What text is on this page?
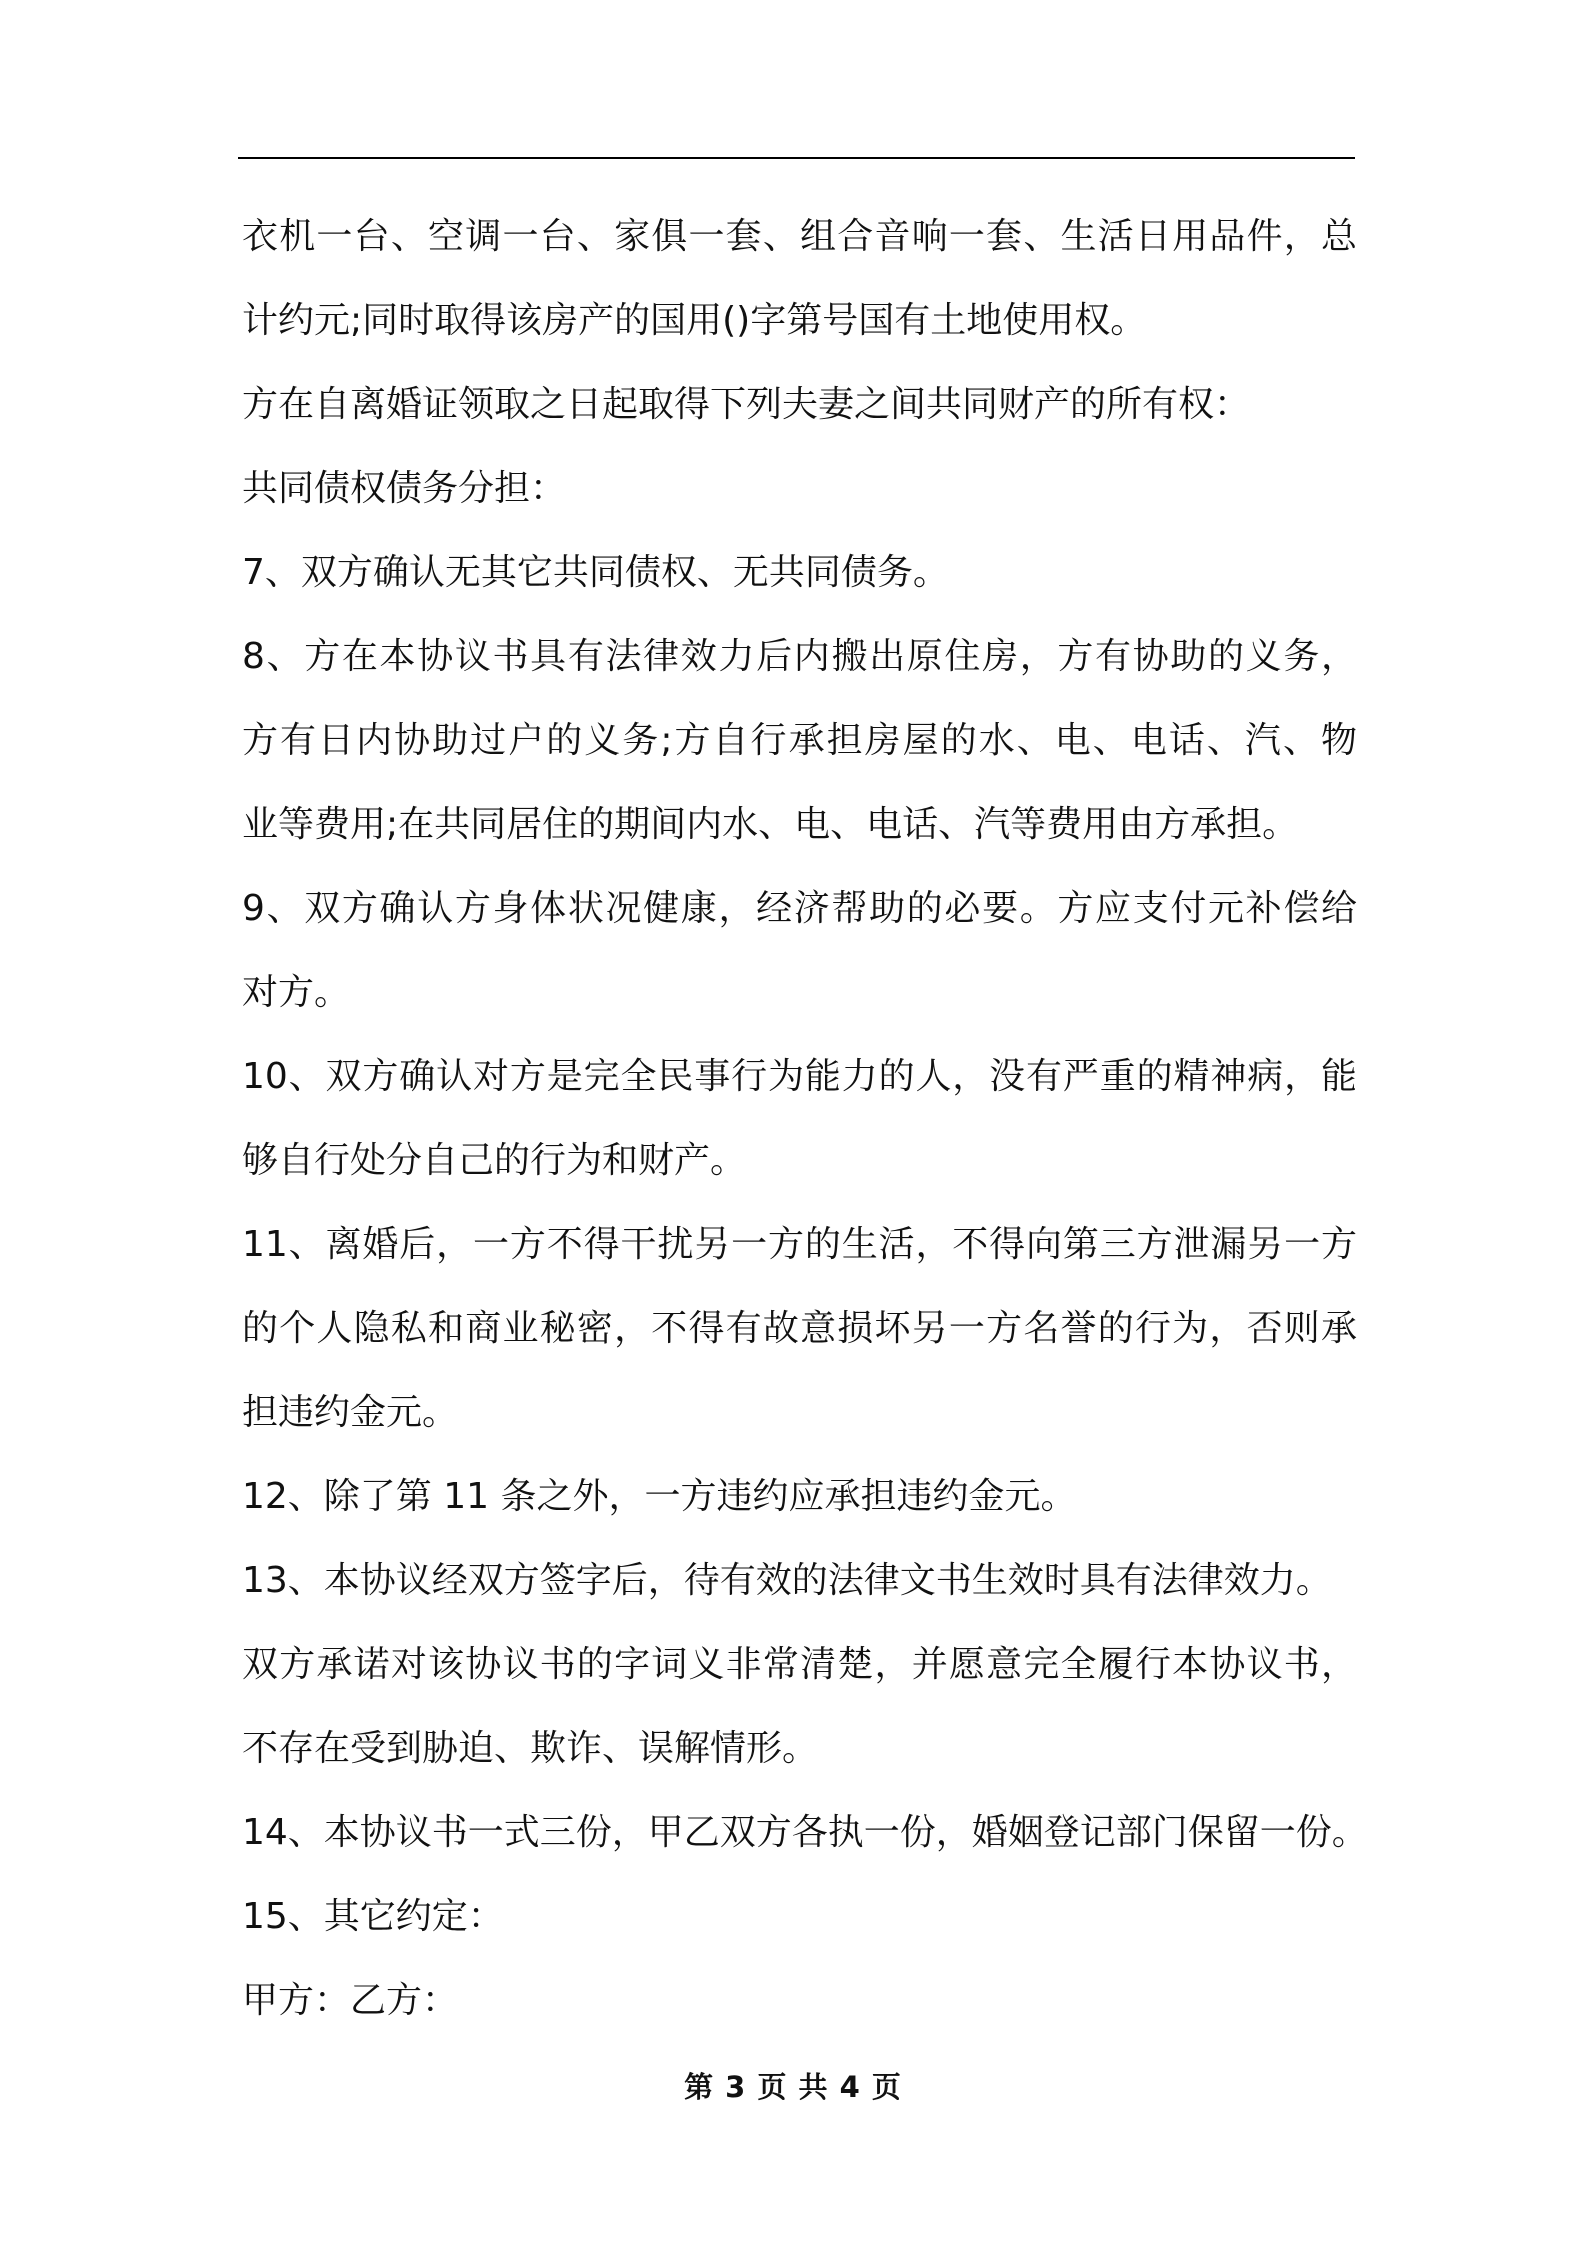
衣机一台、空调一台、家俱一套、组合音响一套、生活日用品件，总
计约元;同时取得该房产的国用()字第号国有土地使用权。
方在自离婚证领取之日起取得下列夫妻之间共同财产的所有权：
共同债权债务分担：
7、双方确认无其它共同债权、无共同债务。
8、方在本协议书具有法律效力后内搬出原住房，方有协助的义务，
方有日内协助过户的义务;方自行承担房屋的水、电、电话、汽、物
业等费用;在共同居住的期间内水、电、电话、汽等费用由方承担。
9、双方确认方身体状况健康，经济帮助的必要。方应支付元补偿给
对方。
10、双方确认对方是完全民事行为能力的人，没有严重的精神病，能
够自行处分自己的行为和财产。
11、离婚后，一方不得干扰另一方的生活，不得向第三方泄漏另一方
的个人隐私和商业秘密，不得有故意损坏另一方名誉的行为，否则承
担违约金元。
12、除了第 11 条之外，一方违约应承担违约金元。
13、本协议经双方签字后，待有效的法律文书生效时具有法律效力。
双方承诺对该协议书的字词义非常清楚，并愿意完全履行本协议书，
不存在受到胁迫、欺诈、误解情形。
14、本协议书一式三份，甲乙双方各执一份，婚姻登记部门保留一份。
15、其它约定：
甲方：乙方：
第 3 页 共 4 页
